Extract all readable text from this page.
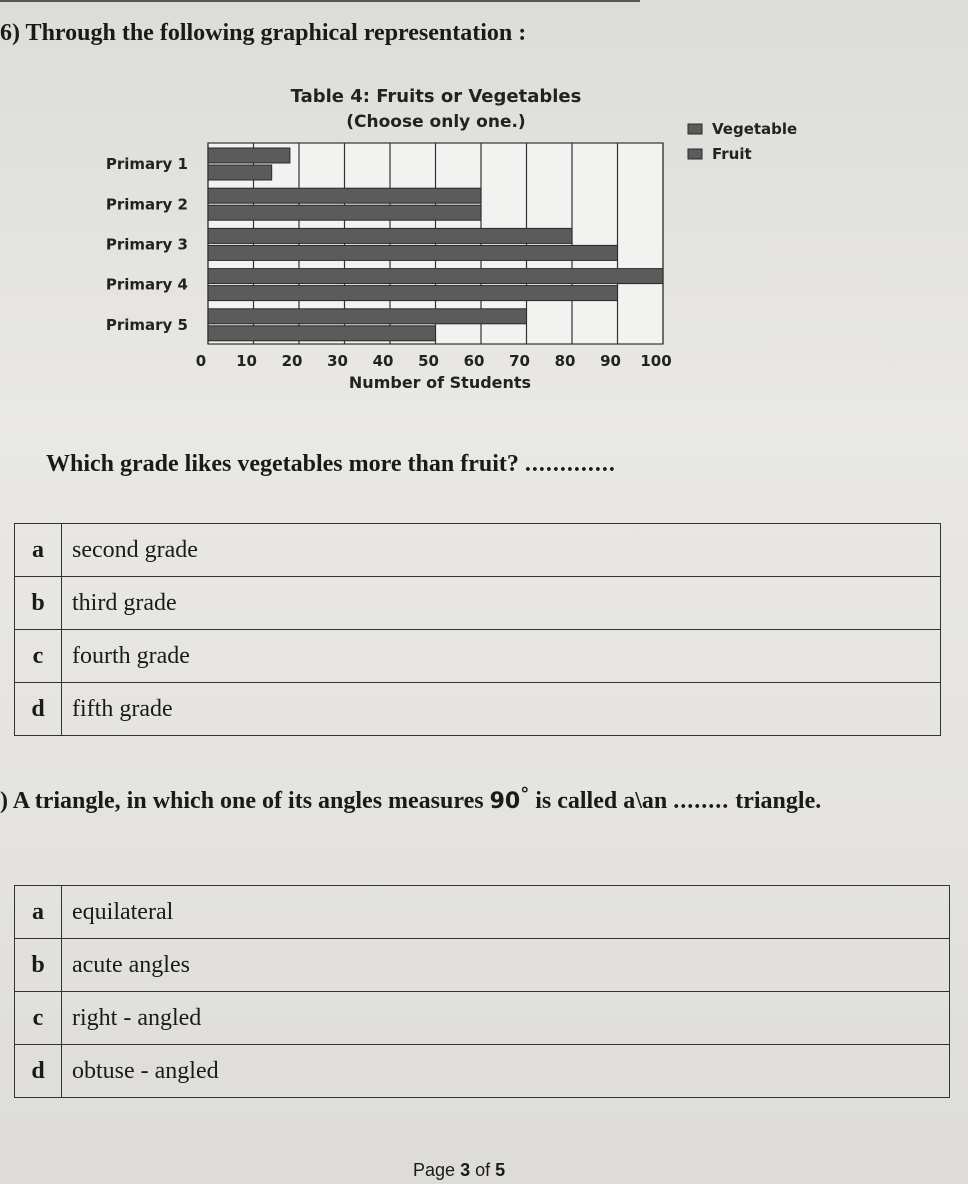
6) Through the following graphical representation :
Primary 1
Primary 2
Primary 3
Primary 4
Primary 5
0 10 20 30 40 50 60 70 80 90 100
Number of Students
Table 4: Fruits or Vegetables
(Choose only one.)	Vegetable
Fruit
Which grade likes vegetables more than fruit? .............
a	second grade
b	third grade
c	fourth grade
d	fifth grade
) A triangle, in which one of its angles measures 90° is called a\an ........ triangle.
a	equilateral
b	acute angles
c	right - angled
d	obtuse - angled
Page 3 of 5
